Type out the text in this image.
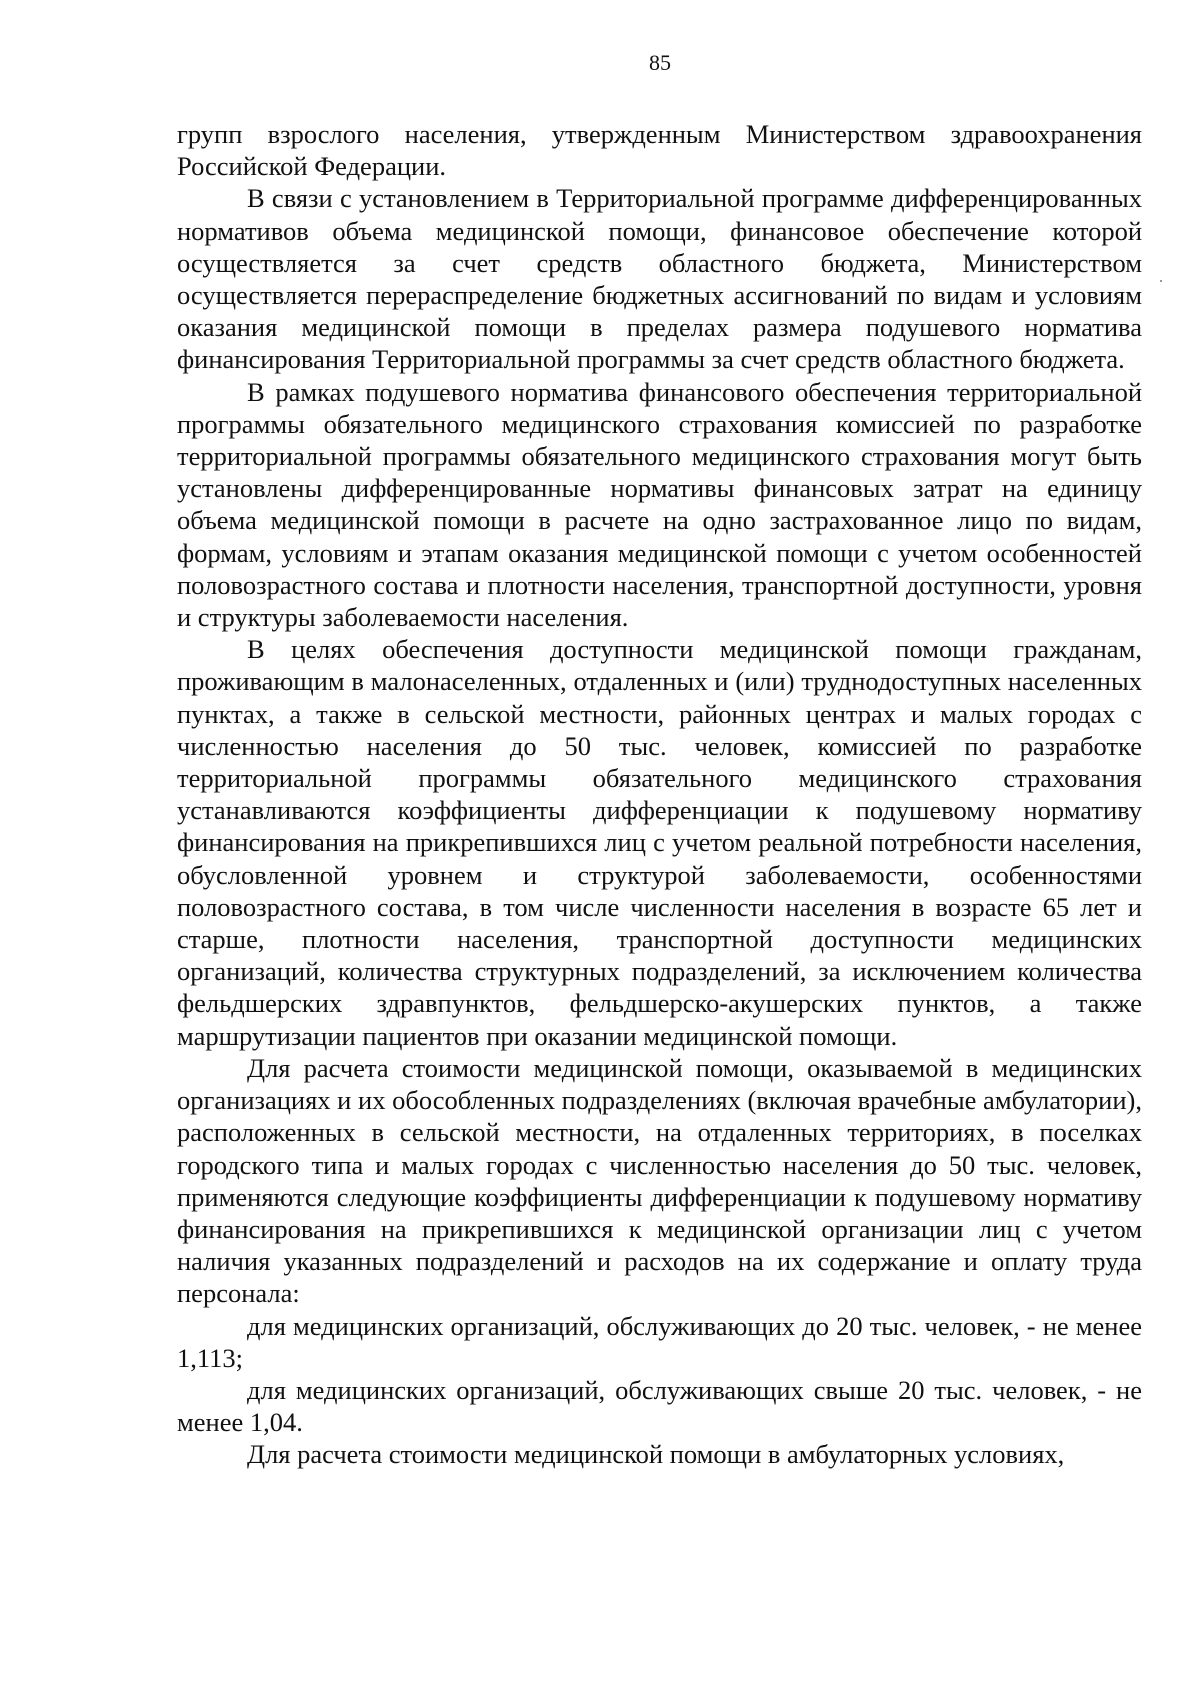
85

групп взрослого населения, утвержденным Министерством здравоохранения Российской Федерации.

В связи с установлением в Территориальной программе дифференцированных нормативов объема медицинской помощи, финансовое обеспечение которой осуществляется за счет средств областного бюджета, Министерством осуществляется перераспределение бюджетных ассигнований по видам и условиям оказания медицинской помощи в пределах размера подушевого норматива финансирования Территориальной программы за счет средств областного бюджета.

В рамках подушевого норматива финансового обеспечения территориальной программы обязательного медицинского страхования комиссией по разработке территориальной программы обязательного медицинского страхования могут быть установлены дифференцированные нормативы финансовых затрат на единицу объема медицинской помощи в расчете на одно застрахованное лицо по видам, формам, условиям и этапам оказания медицинской помощи с учетом особенностей половозрастного состава и плотности населения, транспортной доступности, уровня и структуры заболеваемости населения.

В целях обеспечения доступности медицинской помощи гражданам, проживающим в малонаселенных, отдаленных и (или) труднодоступных населенных пунктах, а также в сельской местности, районных центрах и малых городах с численностью населения до 50 тыс. человек, комиссией по разработке территориальной программы обязательного медицинского страхования устанавливаются коэффициенты дифференциации к подушевому нормативу финансирования на прикрепившихся лиц с учетом реальной потребности населения, обусловленной уровнем и структурой заболеваемости, особенностями половозрастного состава, в том числе численности населения в возрасте 65 лет и старше, плотности населения, транспортной доступности медицинских организаций, количества структурных подразделений, за исключением количества фельдшерских здравпунктов, фельдшерско-акушерских пунктов, а также маршрутизации пациентов при оказании медицинской помощи.

Для расчета стоимости медицинской помощи, оказываемой в медицинских организациях и их обособленных подразделениях (включая врачебные амбулатории), расположенных в сельской местности, на отдаленных территориях, в поселках городского типа и малых городах с численностью населения до 50 тыс. человек, применяются следующие коэффициенты дифференциации к подушевому нормативу финансирования на прикрепившихся к медицинской организации лиц с учетом наличия указанных подразделений и расходов на их содержание и оплату труда персонала:

для медицинских организаций, обслуживающих до 20 тыс. человек, - не менее 1,113;

для медицинских организаций, обслуживающих свыше 20 тыс. человек, - не менее 1,04.

Для расчета стоимости медицинской помощи в амбулаторных условиях,
